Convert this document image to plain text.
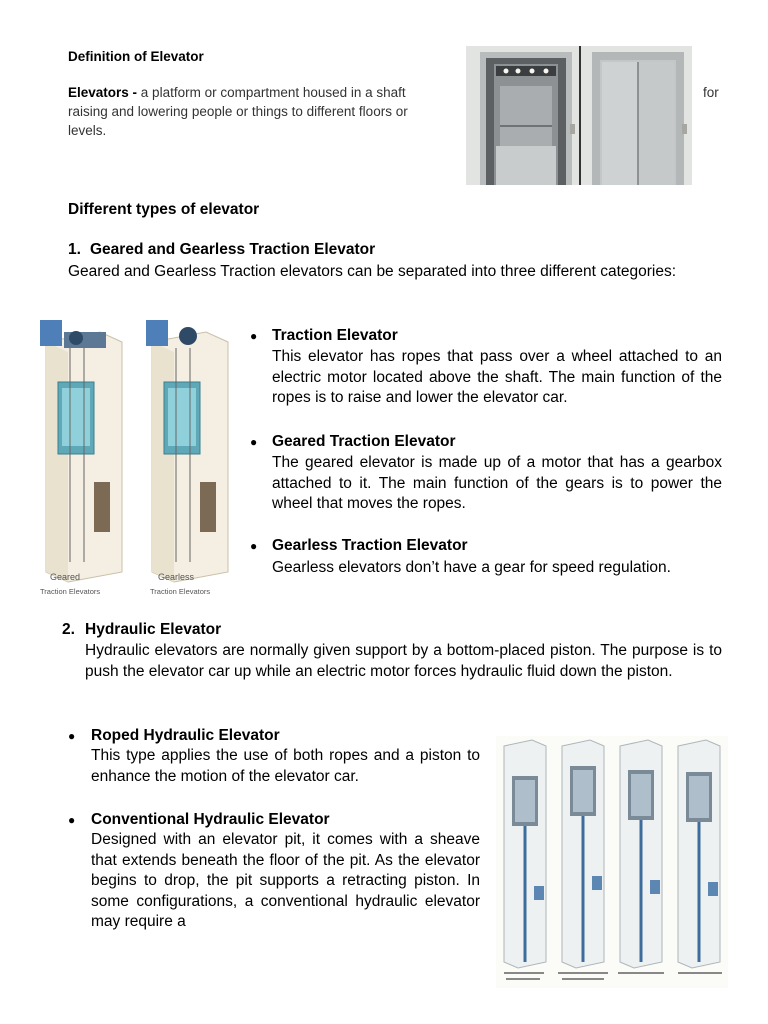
Definition of Elevator
Elevators - a platform or compartment housed in a shaft
raising and lowering people or things to different floors or
levels.
for
Different types of elevator
1. Geared and Gearless Traction Elevator
Geared and Gearless Traction elevators can be separated into three different categories:
Geared
Traction Elevators
Gearless
Traction Elevators
● Traction Elevator
This elevator has ropes that pass over a wheel attached to an electric motor located above the shaft. The main function of the ropes is to raise and lower the elevator car.
● Geared Traction Elevator
The geared elevator is made up of a motor that has a gearbox attached to it. The main function of the gears is to power the wheel that moves the ropes.
● Gearless Traction Elevator
Gearless elevators don’t have a gear for speed regulation.
2. Hydraulic Elevator
Hydraulic elevators are normally given support by a bottom-placed piston. The purpose is to push the elevator car up while an electric motor forces hydraulic fluid down the piston.
● Roped Hydraulic Elevator
This type applies the use of both ropes and a piston to enhance the motion of the elevator car.
● Conventional Hydraulic Elevator
Designed with an elevator pit, it comes with a sheave that extends beneath the floor of the pit. As the elevator begins to drop, the pit supports a retracting piston. In some configurations, a conventional hydraulic elevator may require a
